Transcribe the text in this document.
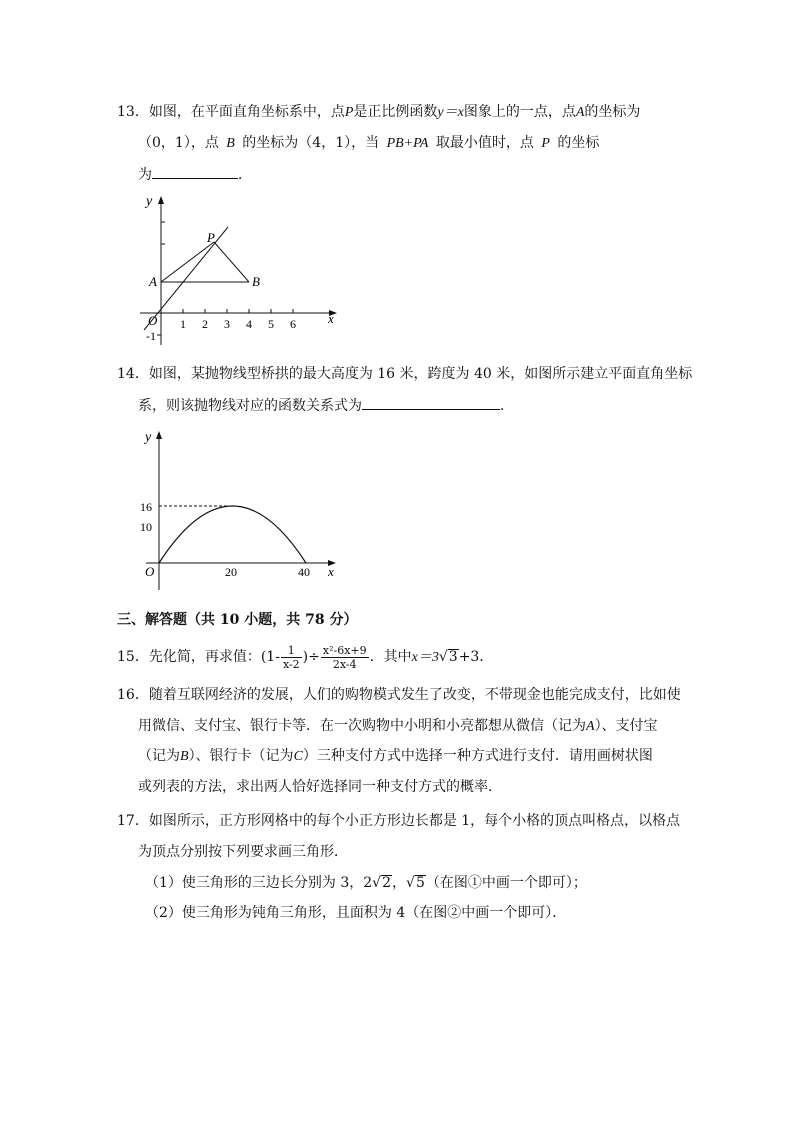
13．如图，在平面直角坐标系中，点P是正比例函数y＝x图象上的一点，点A的坐标为
（0，1），点 B 的坐标为（4，1），当 PB+PA 取最小值时，点 P 的坐标
为	．
y
x
O
P
A	B
1 2 3 4 5 6
-1
14．如图，某抛物线型桥拱的最大高度为 16 米，跨度为 40 米，如图所示建立平面直角坐标
系，则该抛物线对应的函数关系式为	．
y
x
O
16
10
20	40
三、解答题（共 10 小题，共 78 分）
15．先化简，再求值：($1- \frac{1}{x-2}$ )÷ $\frac{\text{x²-6x+9}}{2x-4}$ ．其中x＝3√3+3．
16．随着互联网经济的发展，人们的购物模式发生了改变，不带现金也能完成支付，比如使
用微信、支付宝、银行卡等．在一次购物中小明和小亮都想从微信（记为A）、支付宝
（记为B）、银行卡（记为C）三种支付方式中选择一种方式进行支付．请用画树状图
或列表的方法，求出两人恰好选择同一种支付方式的概率．
17．如图所示，正方形网格中的每个小正方形边长都是 1，每个小格的顶点叫格点，以格点
为顶点分别按下列要求画三角形．
（1）使三角形的三边长分别为 3，2√2，√5（在图①中画一个即可）；
（2）使三角形为钝角三角形，且面积为 4（在图②中画一个即可）．
